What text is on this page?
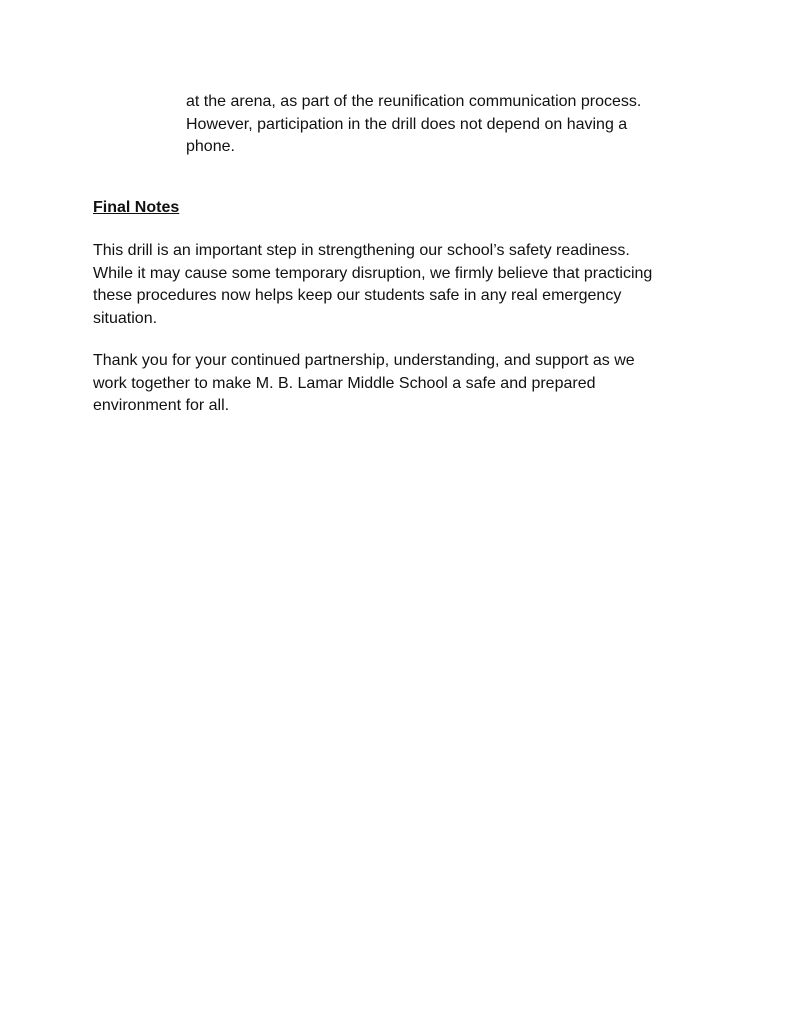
at the arena, as part of the reunification communication process.
However, participation in the drill does not depend on having a
phone.
Final Notes
This drill is an important step in strengthening our school’s safety readiness.
While it may cause some temporary disruption, we firmly believe that practicing
these procedures now helps keep our students safe in any real emergency
situation.
Thank you for your continued partnership, understanding, and support as we
work together to make M. B. Lamar Middle School a safe and prepared
environment for all.
